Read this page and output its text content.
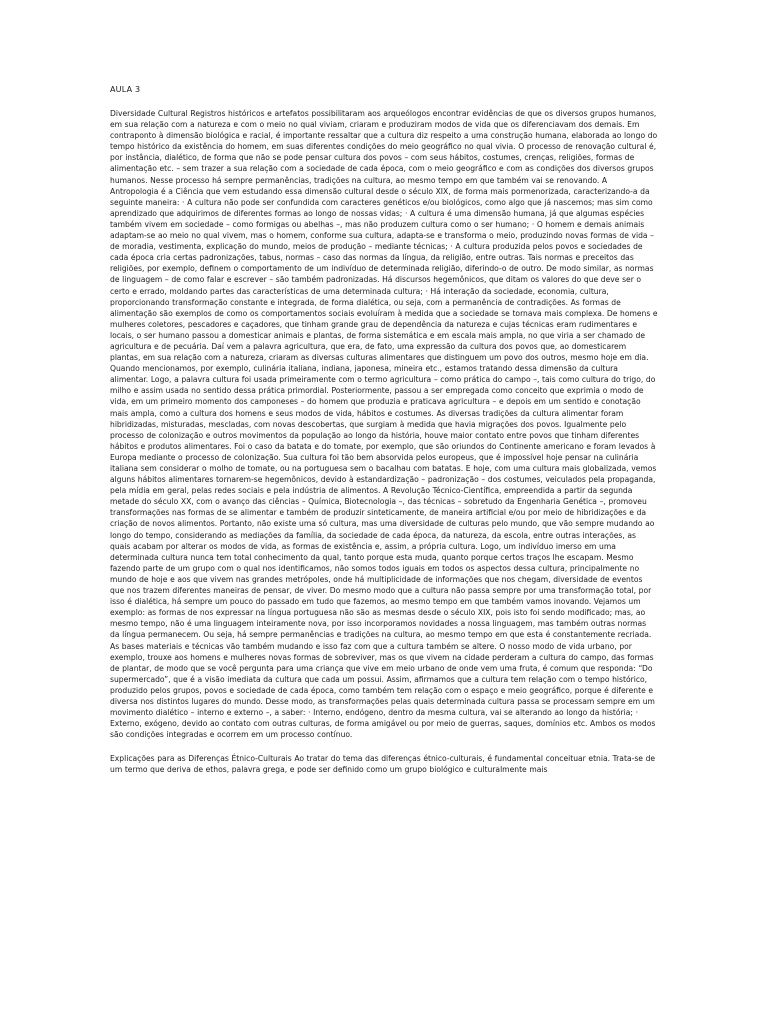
AULA 3

Diversidade Cultural Registros históricos e artefatos possibilitaram aos arqueólogos encontrar evidências de que os diversos grupos humanos, em sua relação com a natureza e com o meio no qual viviam, criaram e produziram modos de vida que os diferenciavam dos demais. Em contraponto à dimensão biológica e racial, é importante ressaltar que a cultura diz respeito a uma construção humana, elaborada ao longo do tempo histórico da existência do homem, em suas diferentes condições do meio geográfico no qual vivia. O processo de renovação cultural é, por instância, dialético, de forma que não se pode pensar cultura dos povos – com seus hábitos, costumes, crenças, religiões, formas de alimentação etc. – sem trazer a sua relação com a sociedade de cada época, com o meio geográfico e com as condições dos diversos grupos humanos. Nesse processo há sempre permanências, tradições na cultura, ao mesmo tempo em que também vai se renovando. A Antropologia é a Ciência que vem estudando essa dimensão cultural desde o século XIX, de forma mais pormenorizada, caracterizando-a da seguinte maneira: · A cultura não pode ser confundida com caracteres genéticos e/ou biológicos, como algo que já nascemos; mas sim como aprendizado que adquirimos de diferentes formas ao longo de nossas vidas; · A cultura é uma dimensão humana, já que algumas espécies também vivem em sociedade – como formigas ou abelhas –, mas não produzem cultura como o ser humano; · O homem e demais animais adaptam-se ao meio no qual vivem, mas o homem, conforme sua cultura, adapta-se e transforma o meio, produzindo novas formas de vida – de moradia, vestimenta, explicação do mundo, meios de produção – mediante técnicas; · A cultura produzida pelos povos e sociedades de cada época cria certas padronizações, tabus, normas – caso das normas da língua, da religião, entre outras. Tais normas e preceitos das religiões, por exemplo, definem o comportamento de um indivíduo de determinada religião, diferindo-o de outro. De modo similar, as normas de linguagem – de como falar e escrever – são também padronizadas. Há discursos hegemônicos, que ditam os valores do que deve ser o certo e errado, moldando partes das características de uma determinada cultura; · Há interação da sociedade, economia, cultura, proporcionando transformação constante e integrada, de forma dialética, ou seja, com a permanência de contradições. As formas de alimentação são exemplos de como os comportamentos sociais evoluíram à medida que a sociedade se tornava mais complexa. De homens e mulheres coletores, pescadores e caçadores, que tinham grande grau de dependência da natureza e cujas técnicas eram rudimentares e locais, o ser humano passou a domesticar animais e plantas, de forma sistemática e em escala mais ampla, no que viria a ser chamado de agricultura e de pecuária. Daí vem a palavra agricultura, que era, de fato, uma expressão da cultura dos povos que, ao domesticarem plantas, em sua relação com a natureza, criaram as diversas culturas alimentares que distinguem um povo dos outros, mesmo hoje em dia. Quando mencionamos, por exemplo, culinária italiana, indiana, japonesa, mineira etc., estamos tratando dessa dimensão da cultura alimentar. Logo, a palavra cultura foi usada primeiramente com o termo agricultura – como prática do campo –, tais como cultura do trigo, do milho e assim usada no sentido dessa prática primordial. Posteriormente, passou a ser empregada como conceito que exprimia o modo de vida, em um primeiro momento dos camponeses – do homem que produzia e praticava agricultura – e depois em um sentido e conotação mais ampla, como a cultura dos homens e seus modos de vida, hábitos e costumes. As diversas tradições da cultura alimentar foram hibridizadas, misturadas, mescladas, com novas descobertas, que surgiam à medida que havia migrações dos povos. Igualmente pelo processo de colonização e outros movimentos da população ao longo da história, houve maior contato entre povos que tinham diferentes hábitos e produtos alimentares. Foi o caso da batata e do tomate, por exemplo, que são oriundos do Continente americano e foram levados à Europa mediante o processo de colonização. Sua cultura foi tão bem absorvida pelos europeus, que é impossível hoje pensar na culinária italiana sem considerar o molho de tomate, ou na portuguesa sem o bacalhau com batatas. E hoje, com uma cultura mais globalizada, vemos alguns hábitos alimentares tornarem-se hegemônicos, devido à estandardização – padronização – dos costumes, veiculados pela propaganda, pela mídia em geral, pelas redes sociais e pela indústria de alimentos. A Revolução Técnico-Científica, empreendida a partir da segunda metade do século XX, com o avanço das ciências – Química, Biotecnologia –, das técnicas – sobretudo da Engenharia Genética –, promoveu transformações nas formas de se alimentar e também de produzir sinteticamente, de maneira artificial e/ou por meio de hibridizações e da criação de novos alimentos. Portanto, não existe uma só cultura, mas uma diversidade de culturas pelo mundo, que vão sempre mudando ao longo do tempo, considerando as mediações da família, da sociedade de cada época, da natureza, da escola, entre outras interações, as quais acabam por alterar os modos de vida, as formas de existência e, assim, a própria cultura. Logo, um indivíduo imerso em uma determinada cultura nunca tem total conhecimento da qual, tanto porque esta muda, quanto porque certos traços lhe escapam. Mesmo fazendo parte de um grupo com o qual nos identificamos, não somos todos iguais em todos os aspectos dessa cultura, principalmente no mundo de hoje e aos que vivem nas grandes metrópoles, onde há multiplicidade de informações que nos chegam, diversidade de eventos que nos trazem diferentes maneiras de pensar, de viver. Do mesmo modo que a cultura não passa sempre por uma transformação total, por isso é dialética, há sempre um pouco do passado em tudo que fazemos, ao mesmo tempo em que também vamos inovando. Vejamos um exemplo: as formas de nos expressar na língua portuguesa não são as mesmas desde o século XIX, pois isto foi sendo modificado; mas, ao mesmo tempo, não é uma linguagem inteiramente nova, por isso incorporamos novidades a nossa linguagem, mas também outras normas da língua permanecem. Ou seja, há sempre permanências e tradições na cultura, ao mesmo tempo em que esta é constantemente recriada. As bases materiais e técnicas vão também mudando e isso faz com que a cultura também se altere. O nosso modo de vida urbano, por exemplo, trouxe aos homens e mulheres novas formas de sobreviver, mas os que vivem na cidade perderam a cultura do campo, das formas de plantar, de modo que se você pergunta para uma criança que vive em meio urbano de onde vem uma fruta, é comum que responda: “Do supermercado”, que é a visão imediata da cultura que cada um possui. Assim, afirmamos que a cultura tem relação com o tempo histórico, produzido pelos grupos, povos e sociedade de cada época, como também tem relação com o espaço e meio geográfico, porque é diferente e diversa nos distintos lugares do mundo. Desse modo, as transformações pelas quais determinada cultura passa se processam sempre em um movimento dialético – interno e externo –, a saber: · Interno, endógeno, dentro da mesma cultura, vai se alterando ao longo da história; · Externo, exógeno, devido ao contato com outras culturas, de forma amigável ou por meio de guerras, saques, domínios etc. Ambos os modos são condições integradas e ocorrem em um processo contínuo.

Explicações para as Diferenças Étnico-Culturais Ao tratar do tema das diferenças étnico-culturais, é fundamental conceituar etnia. Trata-se de um termo que deriva de ethos, palavra grega, e pode ser definido como um grupo biológico e culturalmente mais
